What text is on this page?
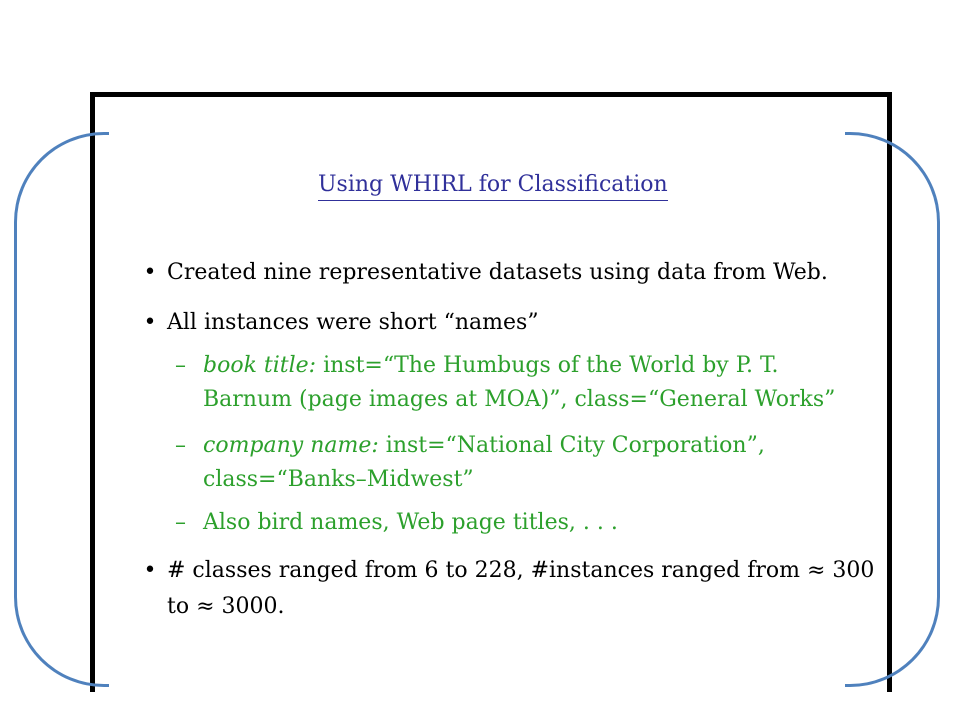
Using WHIRL for Classification
• Created nine representative datasets using data from Web.
• All instances were short “names”
– book title: inst=“The Humbugs of the World by P. T.
Barnum (page images at MOA)”, class=“General Works”
– company name: inst=“National City Corporation”,
class=“Banks–Midwest”
– Also bird names, Web page titles, . . .
• # classes ranged from 6 to 228, #instances ranged from ≈ 300
to ≈ 3000.
